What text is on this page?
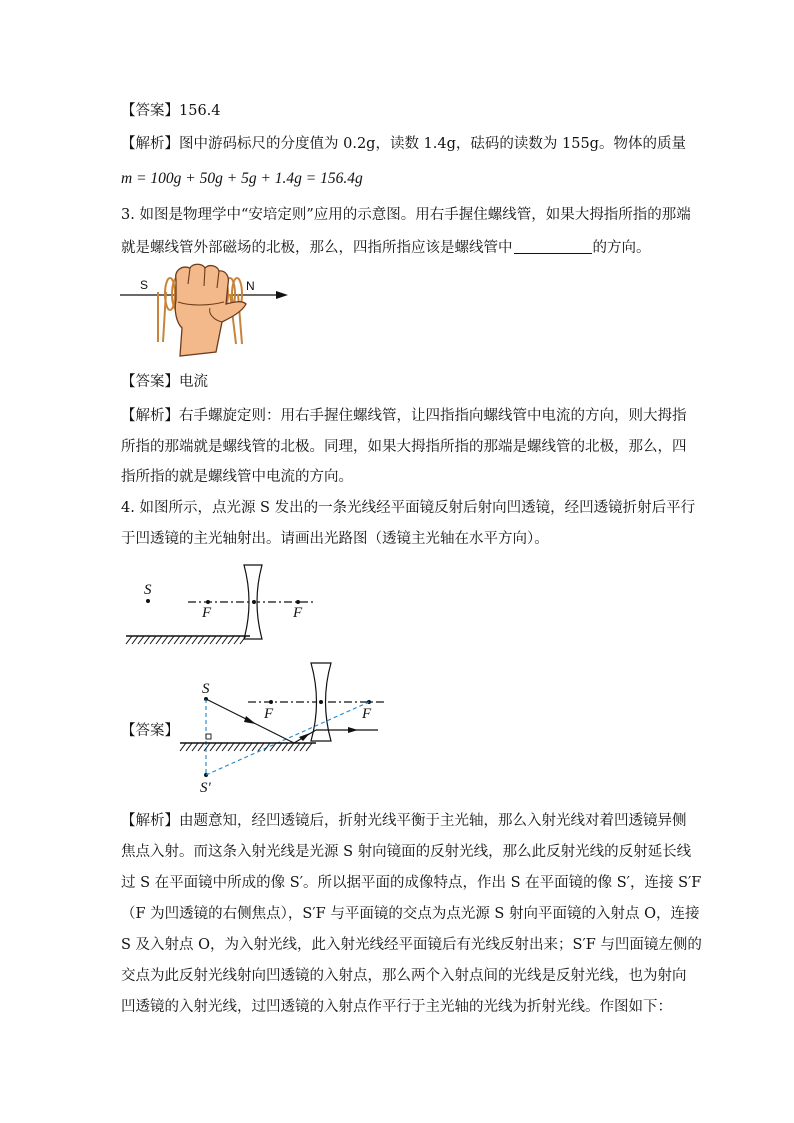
【答案】156.4
【解析】图中游码标尺的分度值为 0.2g，读数 1.4g，砝码的读数为 155g。物体的质量
m = 100g + 50g + 5g + 1.4g = 156.4g
3. 如图是物理学中“安培定则”应用的示意图。用右手握住螺线管，如果大拇指所指的那端
就是螺线管外部磁场的北极，那么，四指所指应该是螺线管中	的方向。
S	N
【答案】电流
【解析】右手螺旋定则：用右手握住螺线管，让四指指向螺线管中电流的方向，则大拇指
所指的那端就是螺线管的北极。同理，如果大拇指所指的那端是螺线管的北极，那么，四
指所指的就是螺线管中电流的方向。
4. 如图所示，点光源 S 发出的一条光线经平面镜反射后射向凹透镜，经凹透镜折射后平行
于凹透镜的主光轴射出。请画出光路图（透镜主光轴在水平方向）。
S
F	F
【答案】
F	F
S
S′
【解析】由题意知，经凹透镜后，折射光线平衡于主光轴，那么入射光线对着凹透镜异侧
焦点入射。而这条入射光线是光源 S 射向镜面的反射光线，那么此反射光线的反射延长线
过 S 在平面镜中所成的像 S′。所以据平面的成像特点，作出 S 在平面镜的像 S′，连接 S′F
（F 为凹透镜的右侧焦点），S′F 与平面镜的交点为点光源 S 射向平面镜的入射点 O，连接
S 及入射点 O，为入射光线，此入射光线经平面镜后有光线反射出来；S′F 与凹面镜左侧的
交点为此反射光线射向凹透镜的入射点，那么两个入射点间的光线是反射光线，也为射向
凹透镜的入射光线，过凹透镜的入射点作平行于主光轴的光线为折射光线。作图如下：
